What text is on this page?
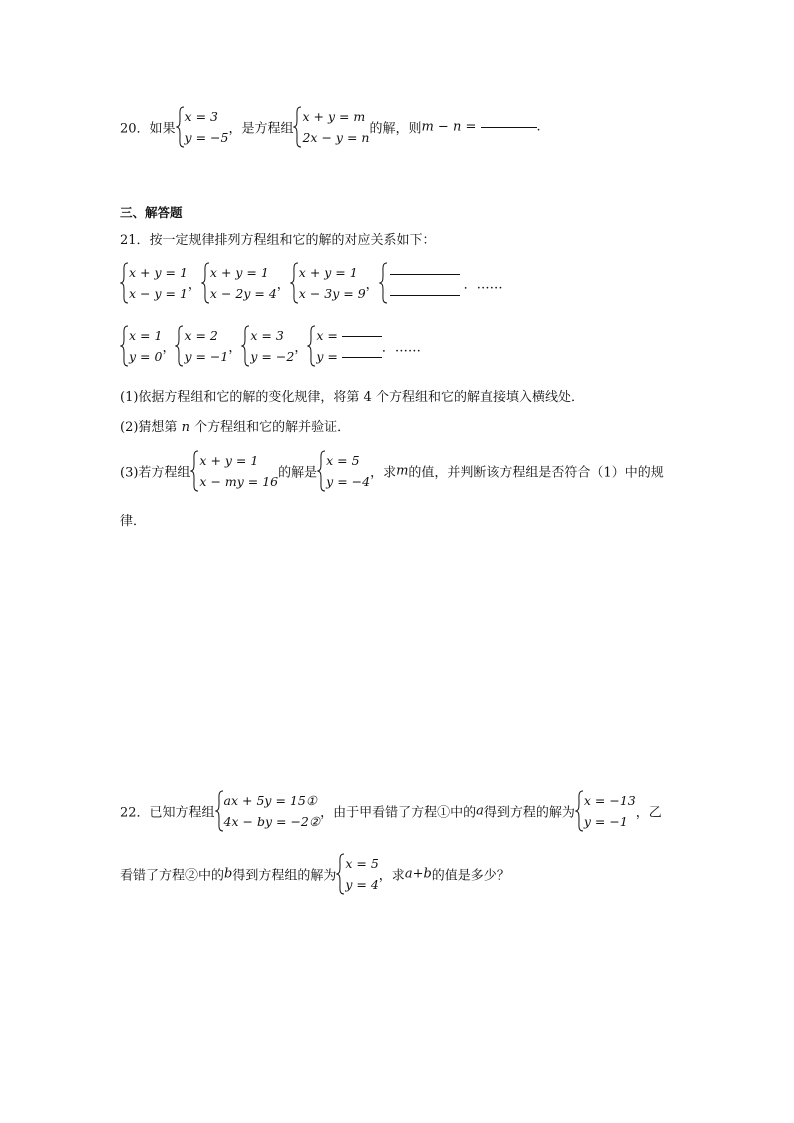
20．如果
x = 3
y = −5
，是方程组
x + y = m
2x − y = n
的解，则m − n =	.
三、解答题
21．按一定规律排列方程组和它的解的对应关系如下：
x + y = 1
x − y = 1
，
x + y = 1
x − 2y = 4
，
x + y = 1
x − 3y = 9
，	．……
x = 1
y = 0
，
x = 2
y = −1
，
x = 3
y = −2
，
x =
y =
．……
(1)依据方程组和它的解的变化规律，将第 4 个方程组和它的解直接填入横线处．
(2)猜想第 n 个方程组和它的解并验证．
(3)若方程组
x + y = 1
x − my = 16
的解是
x = 5
y = −4
，求m的值，并判断该方程组是否符合（1）中的规
律．
22．已知方程组
ax + 5y = 15①
4x − by = −2②
，由于甲看错了方程①中的a得到方程的解为
x = −13
y = −1
，乙
看错了方程②中的b得到方程组的解为
x = 5
y = 4
，求a+b的值是多少？
